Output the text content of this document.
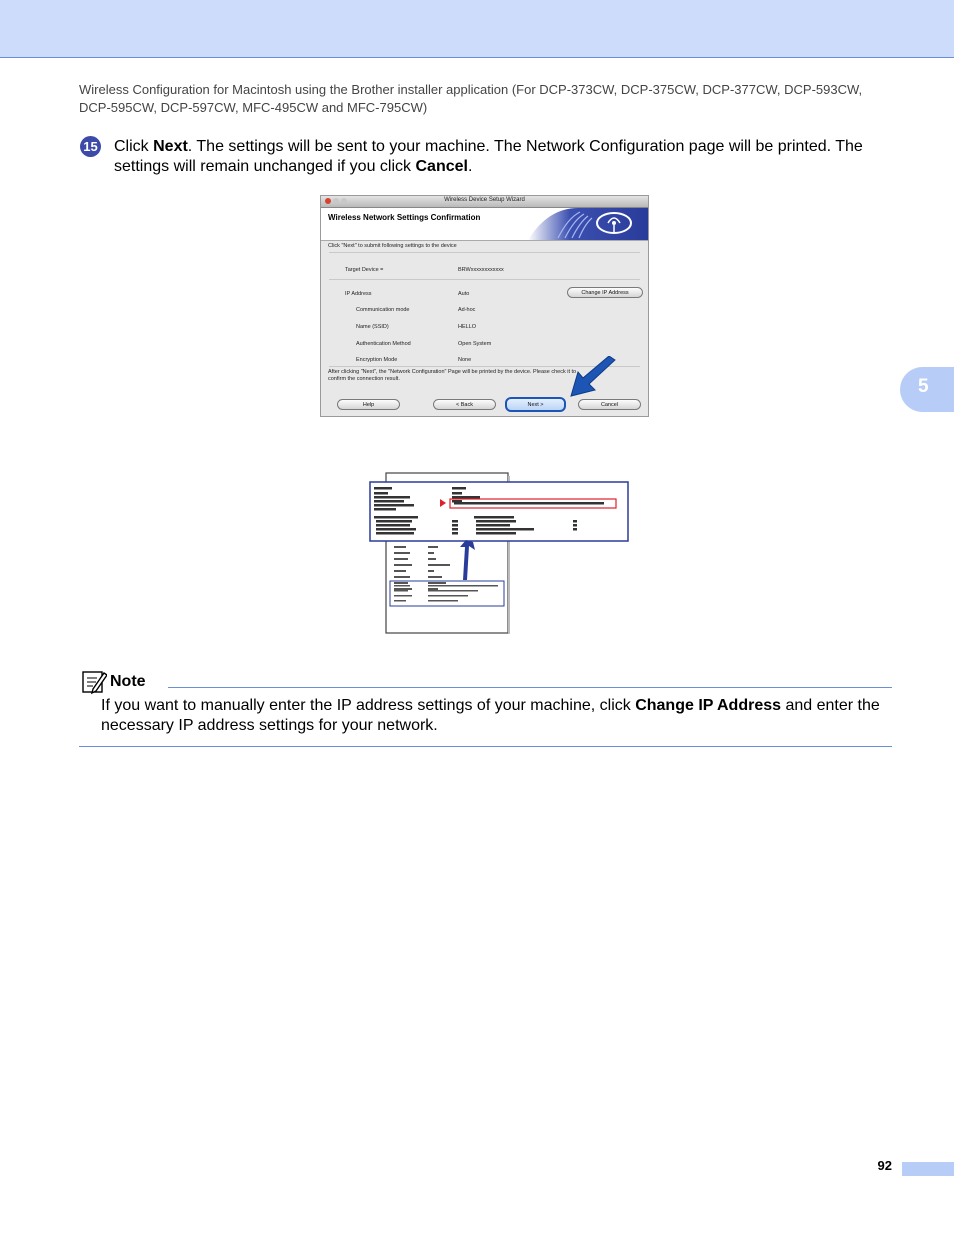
Wireless Configuration for Macintosh using the Brother installer application (For DCP-373CW, DCP-375CW, DCP-377CW, DCP-593CW, DCP-595CW, DCP-597CW, MFC-495CW and MFC-795CW)
5
15 Click Next. The settings will be sent to your machine. The Network Configuration page will be printed. The settings will remain unchanged if you click Cancel.
Wireless Device Setup Wizard
Wireless Network Settings Confirmation
Click "Next" to submit following settings to the device
Target Device =	BRWxxxxxxxxxxxx
IP Address	Auto	Change IP Address
Communication mode	Ad-hoc
Name (SSID)	HELLO
Authentication Method	Open System
Encryption Mode	None
After clicking "Next", the "Network Configuration" Page will be printed by the device. Please check it to
confirm the connection result.
Help	< Back	Next >	Cancel
Note
If you want to manually enter the IP address settings of your machine, click Change IP Address and enter the necessary IP address settings for your network.
92
